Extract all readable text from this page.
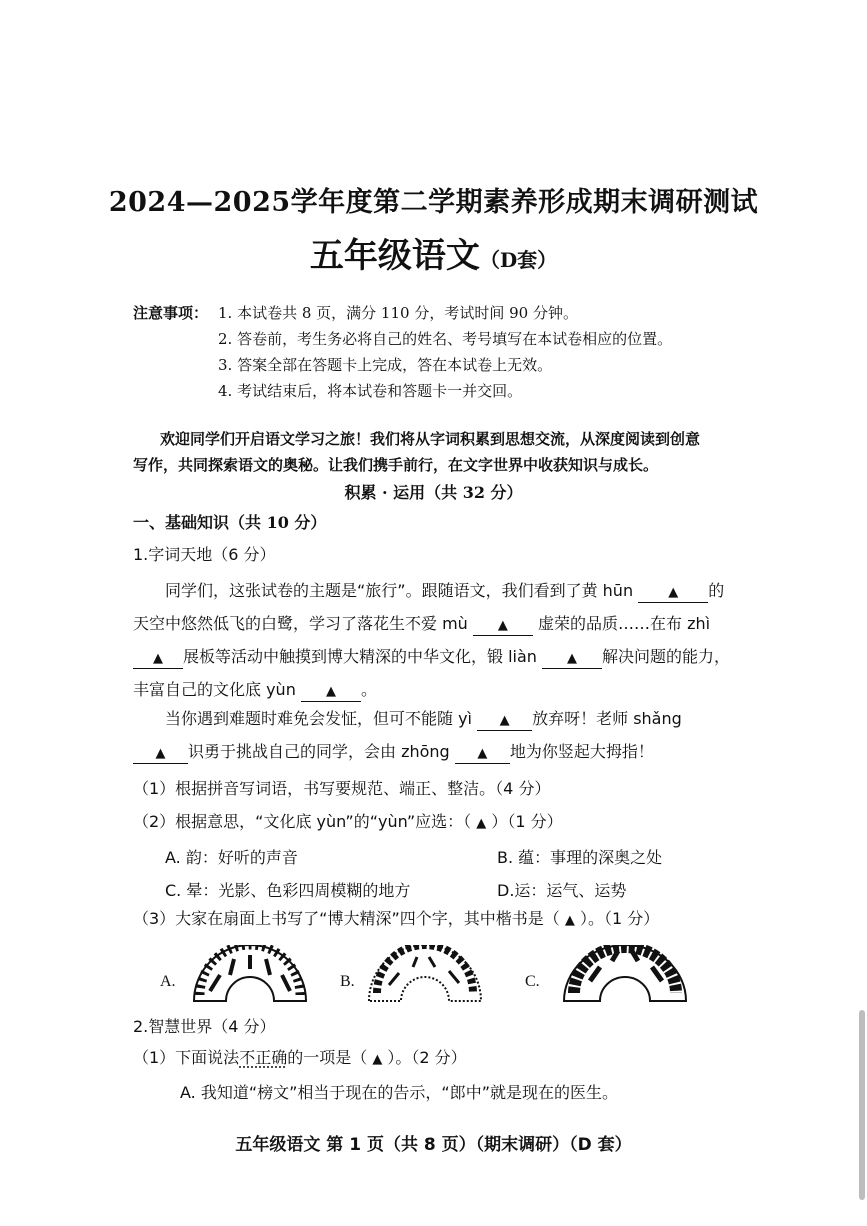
2024—2025学年度第二学期素养形成期末调研测试
五年级语文（D套）
注意事项： 1. 本试卷共 8 页，满分 110 分，考试时间 90 分钟。
2. 答卷前，考生务必将自己的姓名、考号填写在本试卷相应的位置。
3. 答案全部在答题卡上完成，答在本试卷上无效。
4. 考试结束后，将本试卷和答题卡一并交回。
欢迎同学们开启语文学习之旅！我们将从字词积累到思想交流，从深度阅读到创意
写作，共同探索语文的奥秘。让我们携手前行，在文字世界中收获知识与成长。
积累 · 运用（共 32 分）
一、基础知识（共 10 分）
1.字词天地（6 分）
同学们，这张试卷的主题是“旅行”。跟随语文，我们看到了黄 hūn	▲ 的
天空中悠然低飞的白鹭，学习了落花生不爱 mù ▲ 虚荣的品质……在布 zhì
▲ 展板等活动中触摸到博大精深的中华文化，锻 liàn ▲ 解决问题的能力，
丰富自己的文化底 yùn ▲ 。
当你遇到难题时难免会发怔，但可不能随 yì ▲ 放弃呀！老师 shǎng
▲ 识勇于挑战自己的同学，会由 zhōng ▲ 地为你竖起大拇指！
（1）根据拼音写词语，书写要规范、端正、整洁。（4 分）
（2）根据意思，“文化底 yùn”的“yùn”应选：（ ▲ ）（1 分）
A. 韵：好听的声音	B. 蕴：事理的深奥之处
C. 晕：光影、色彩四周模糊的地方	D.运：运气、运势
（3）大家在扇面上书写了“博大精深”四个字，其中楷书是（ ▲ ）。（1 分）
A.	B.	C.
2.智慧世界（4 分）
（1）下面说法不正确的一项是（ ▲ ）。（2 分）
A. 我知道“榜文”相当于现在的告示，“郎中”就是现在的医生。
五年级语文 第 1 页（共 8 页）（期末调研）（D 套）
